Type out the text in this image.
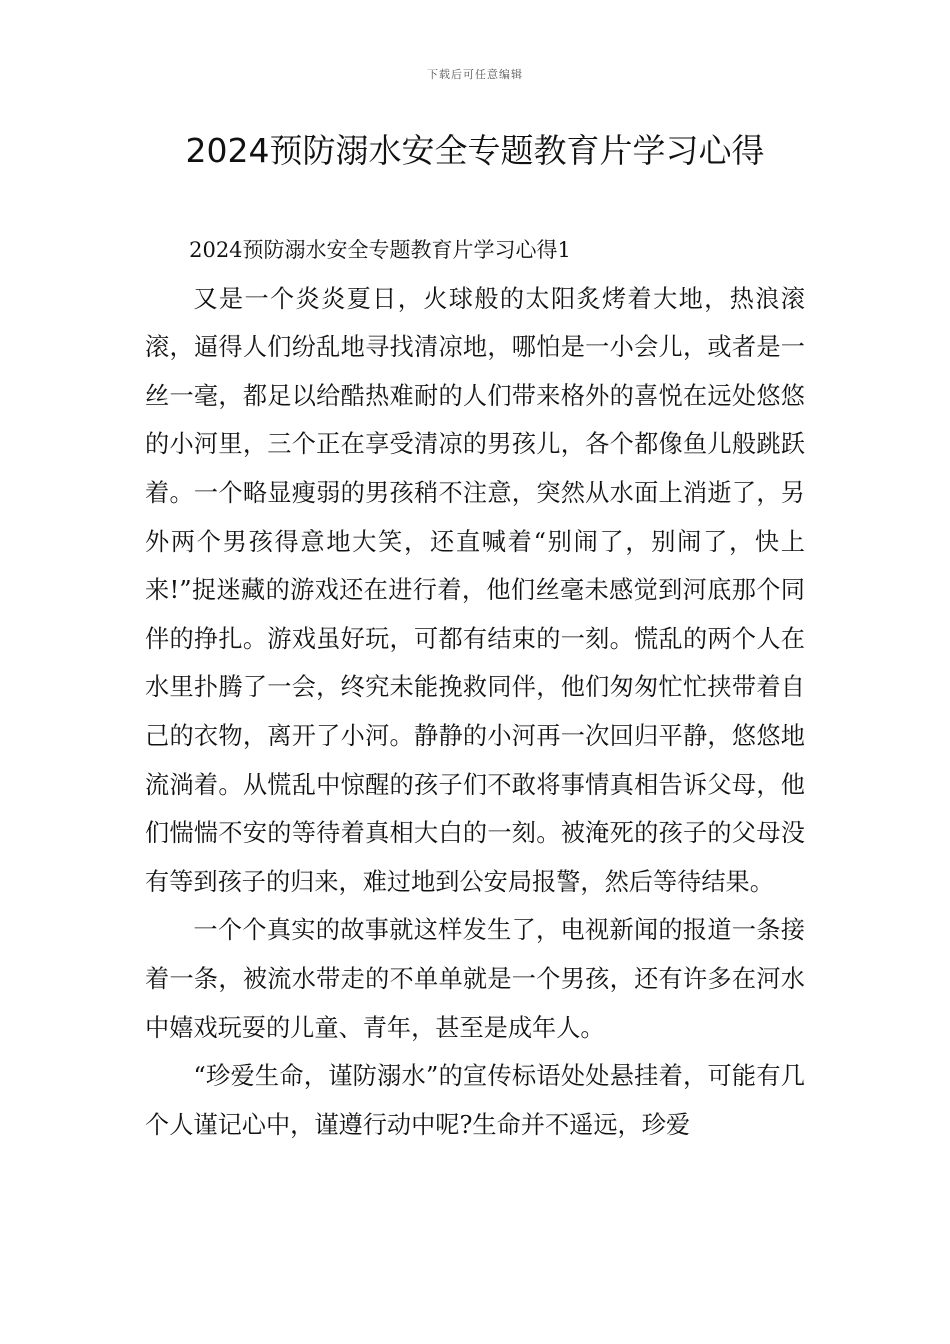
下载后可任意编辑
2024预防溺水安全专题教育片学习心得

2024预防溺水安全专题教育片学习心得1

又是一个炎炎夏日，火球般的太阳炙烤着大地，热浪滚滚，逼得人们纷乱地寻找清凉地，哪怕是一小会儿，或者是一丝一毫，都足以给酷热难耐的人们带来格外的喜悦在远处悠悠的小河里，三个正在享受清凉的男孩儿，各个都像鱼儿般跳跃着。一个略显瘦弱的男孩稍不注意，突然从水面上消逝了，另外两个男孩得意地大笑，还直喊着“别闹了，别闹了，快上来!”捉迷藏的游戏还在进行着，他们丝毫未感觉到河底那个同伴的挣扎。游戏虽好玩，可都有结束的一刻。慌乱的两个人在水里扑腾了一会，终究未能挽救同伴，他们匆匆忙忙挟带着自己的衣物，离开了小河。静静的小河再一次回归平静，悠悠地流淌着。从慌乱中惊醒的孩子们不敢将事情真相告诉父母，他们惴惴不安的等待着真相大白的一刻。被淹死的孩子的父母没有等到孩子的归来，难过地到公安局报警，然后等待结果。

一个个真实的故事就这样发生了，电视新闻的报道一条接着一条，被流水带走的不单单就是一个男孩，还有许多在河水中嬉戏玩耍的儿童、青年，甚至是成年人。

“珍爱生命，谨防溺水”的宣传标语处处悬挂着，可能有几个人谨记心中，谨遵行动中呢?生命并不遥远，珍爱
